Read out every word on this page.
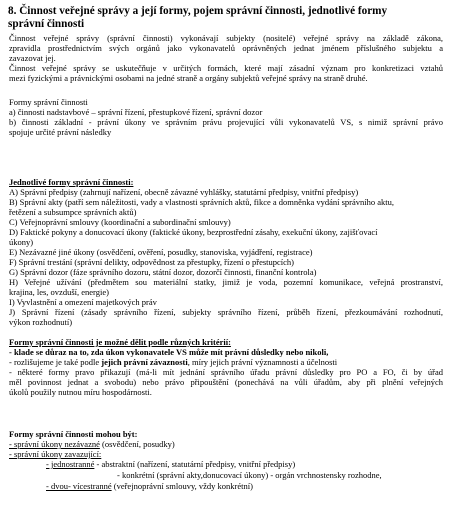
8. Činnost veřejné správy a její formy, pojem správní činnosti, jednotlivé formy
správní činnosti
Činnost veřejné správy (správní činnosti) vykonávají subjekty (nositelé) veřejné správy na základě zákona,
zpravidla prostřednictvím svých orgánů jako vykonavatelů oprávněných jednat jménem příslušného subjektu a
zavazovat jej.
Činnost veřejné správy se uskutečňuje v určitých formách, které mají zásadní význam pro konkretizaci vztahů
mezi fyzickými a právnickými osobami na jedné straně a orgány subjektů veřejné správy na straně druhé.
Formy správní činnosti
a) činnosti nadstavbové – správní řízení, přestupkové řízení, správní dozor
b) činnosti základní - právní úkony ve správním právu projevující vůli vykonavatelů VS, s nimiž správní právo
spojuje určité právní následky
Jednotlivé formy správní činnosti:
A) Správní předpisy (zahrnují nařízení, obecně závazné vyhlášky, statutární předpisy, vnitřní předpisy)
B) Správní akty (patří sem náležitosti, vady a vlastnosti správních aktů, fikce a domněnka vydání správního aktu,
řetězení a subsumpce správních aktů)
C) Veřejnoprávní smlouvy (koordinační a subordinační smlouvy)
D) Faktické pokyny a donucovací úkony (faktické úkony, bezprostřední zásahy, exekuční úkony, zajišťovací
úkony)
E) Nezávazné jiné úkony (osvědčení, ověření, posudky, stanoviska, vyjádření, registrace)
F) Správní trestání (správní delikty, odpovědnost za přestupky, řízení o přestupcích)
G) Správní dozor (fáze správního dozoru, státní dozor, dozorčí činnosti, finanční kontrola)
H) Veřejné užívání (předmětem sou materiální statky, jimiž je voda, pozemní komunikace, veřejná prostranství,
krajina, les, ovzduší, energie)
I) Vyvlastnění a omezení majetkových práv
J) Správní řízení (zásady správního řízení, subjekty správního řízení, průběh řízení, přezkoumávání rozhodnutí,
výkon rozhodnutí)
Formy správní činnosti je možné dělit podle různých kritérií:
- klade se důraz na to, zda úkon vykonavatele VS může mít právní důsledky nebo nikoli,
- rozlišujeme je také podle jejich právní závaznosti, míry jejich právní významnosti a účelnosti
- některé formy pravo přikazují (má-li mít jednání správního úřadu právní důsledky pro PO a FO, či by úřad
měl povinnost jednat a svobodu) nebo právo připouštění (ponechává na vůli úřadům, aby při plnění veřejných
úkolů použily nutnou míru hospodárnosti.
Formy správní činnosti mohou být:
- správní úkony nezávazné (osvědčení, posudky)
- správní úkony zavazující:
- jednostranné - abstraktní (nařízení, statutární předpisy, vnitřní předpisy)
- konkrétní (správní akty,donucovací úkony) - orgán vrchnostensky rozhodne,
- dvou- vícestranné (veřejnoprávní smlouvy, vždy konkrétní)
